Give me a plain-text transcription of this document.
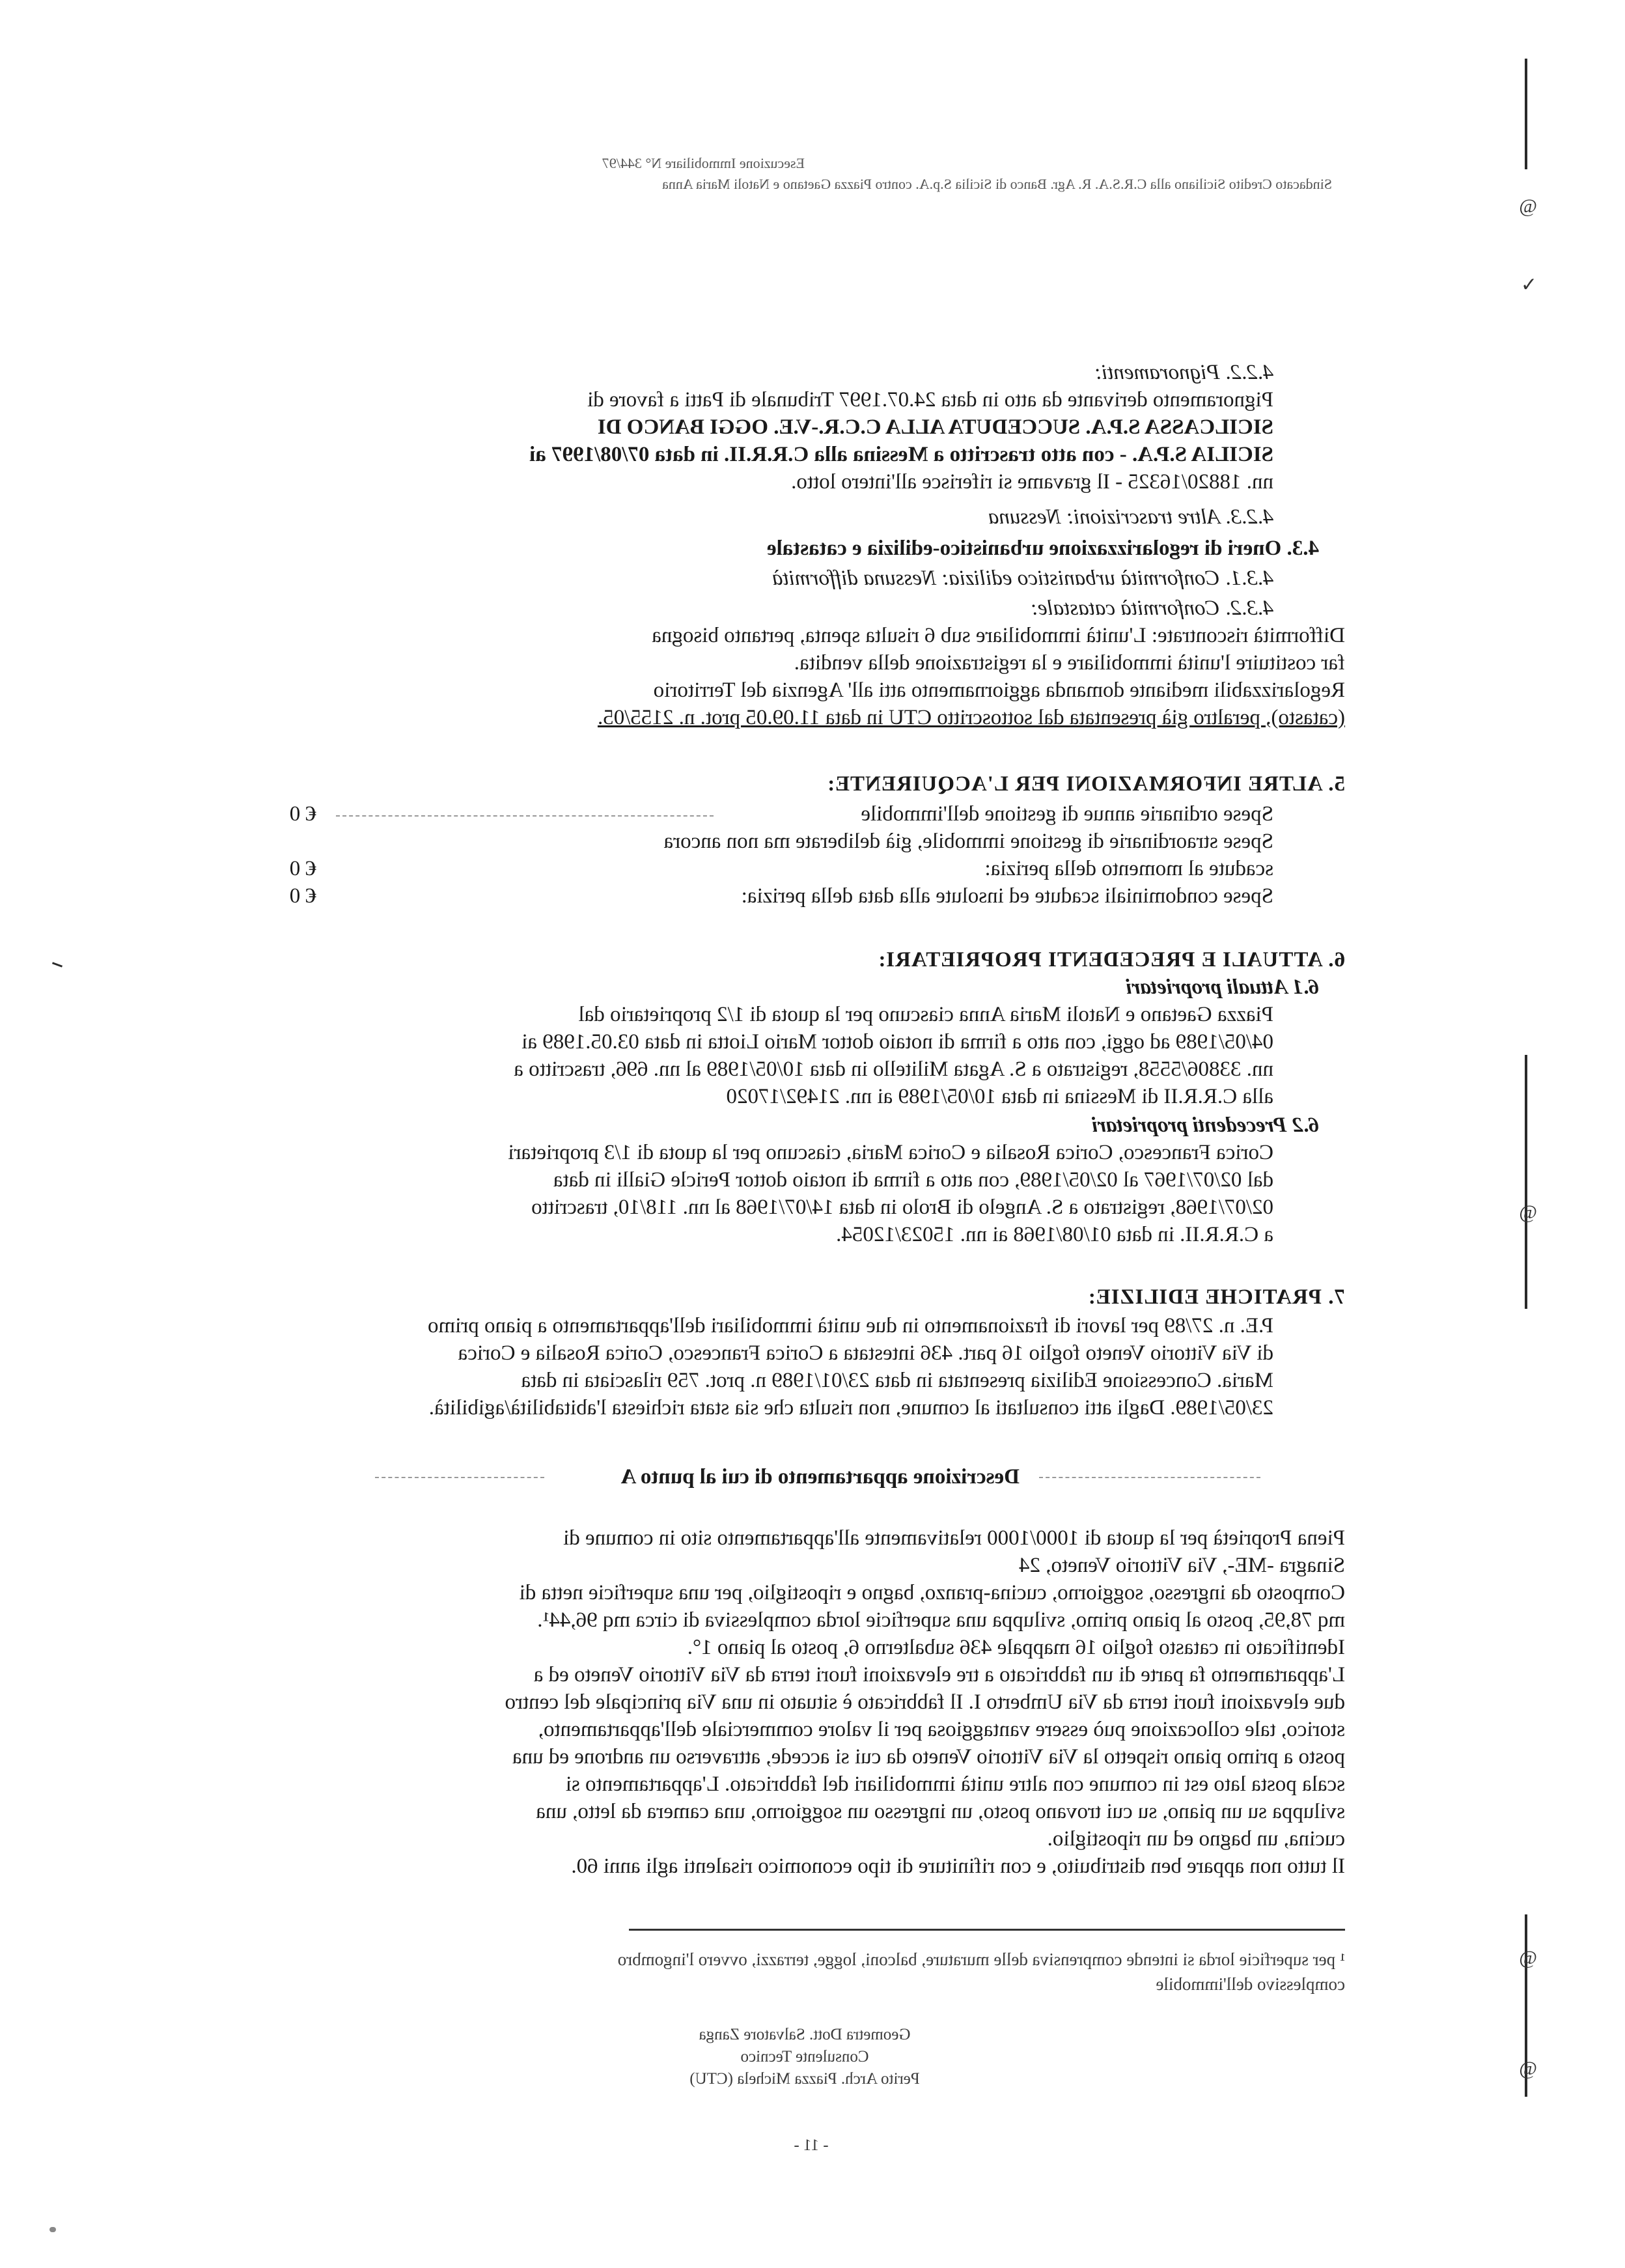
Esecuzione Immobiliare N° 344/97
Sindacato Credito Siciliano alla C.R.S.A. R. Agr. Banco di Sicilia S.p.A. contro Piazza Gaetano e Natoli Maria Anna
@
✓
@
@
@
4.2.2. Pignoramenti:
Pignoramento derivante da atto in data 24.07.1997 Tribunale di Patti a favore di
SICILCASSA S.P.A. SUCCEDUTA ALLA C.C.R.-V.E. OGGI BANCO DI
SICILIA S.P.A. - con atto trascritto a Messina alla C.R.R.II. in data 07/08/1997 ai
nn. 18820/16325 - Il gravame si riferisce all'intero lotto.
4.2.3. Altre trascrizioni: Nessuna
4.3. Oneri di regolarizzazione urbanistico-edilizia e catastale
4.3.1. Conformità urbanistico edilizia: Nessuna difformità
4.3.2. Conformità catastale:
Difformità riscontrate: L'unità immobiliare sub 6 risulta spenta, pertanto bisogna
far costituire l'unità immobiliare e la registrazione della vendita.
Regolarizzabili mediante domanda aggiornamento atti all' Agenzia del Territorio
(catasto), peraltro già presentata dal sottoscritto CTU in data 11.09.05 prot. n. 2155/05.
5. ALTRE INFORMAZIONI PER L'ACQUIRENTE:
Spese ordinarie annue di gestione dell'immobile
€ 0
Spese straordinarie di gestione immobile, già deliberate ma non ancora
scadute al momento della perizia:
€ 0
Spese condominiali scadute ed insolute alla data della perizia:
€ 0
6. ATTUALI E PRECEDENTI PROPRIETARI:
6.1 Attuali proprietari
Piazza Gaetano e Natoli Maria Anna ciascuno per la quota di 1/2 proprietario dal
04/05/1989 ad oggi, con atto a firma di notaio dottor Mario Liotta in data 03.05.1989 ai
nn. 33806/5558, registrato a S. Agata Militello in data 10/05/1989 al nn. 696, trascritto a
alla C.R.R.II di Messina in data 10/05/1989 ai nn. 21492/17020
6.2 Precedenti proprietari
Corica Francesco, Corica Rosalia e Corica Maria, ciascuno per la quota di 1/3 proprietari
dal 02/07/1967 al 02/05/1989, con atto a firma di notaio dottor Pericle Gialli in data
02/07/1968, registrato a S. Angelo di Brolo in data 14/07/1968 al nn. 118/10, trascritto
a C.R.R.II. in data 01/08/1968 ai nn. 15023/12054.
7. PRATICHE EDILIZIE:
P.E. n. 27/89 per lavori di frazionamento in due unità immobiliari dell'appartamento a piano primo
di Via Vittorio Veneto foglio 16 part. 436 intestata a Corica Francesco, Corica Rosalia e Corica
Maria. Concessione Edilizia presentata in data 23/01/1989 n. prot. 759 rilasciata in data
23/05/1989. Dagli atti consultati al comune, non risulta che sia stata richiesta l'abitabilità/agibilità.
Descrizione appartamento di cui al punto A
Piena Proprietà per la quota di 1000/1000 relativamente all'appartamento sito in comune di
Sinagra -ME-, Via Vittorio Veneto, 24
Composto da ingresso, soggiorno, cucina-pranzo, bagno e ripostiglio, per una superficie netta di
mq 78,95, posto al piano primo, sviluppa una superficie lorda complessiva di circa mq 96,44¹.
Identificato in catasto foglio 16 mappale 436 subalterno 6, posto al piano 1°.
L'appartamento fa parte di un fabbricato a tre elevazioni fuori terra da Via Vittorio Veneto ed a
due elevazioni fuori terra da Via Umberto I. Il fabbricato è situato in una Via principale del centro
storico, tale collocazione può essere vantaggiosa per il valore commerciale dell'appartamento,
posto a primo piano rispetto la Via Vittorio Veneto da cui si accede, attraverso un androne ed una
scala posta lato est in comune con altre unità immobiliari del fabbricato. L'appartamento si
sviluppa su un piano, su cui trovano posto, un ingresso un soggiorno, una camera da letto, una
cucina, un bagno ed un ripostiglio.
Il tutto non appare ben distribuito, e con rifiniture di tipo economico risalenti agli anni 60.
¹ per superficie lorda si intende comprensiva delle murature, balconi, logge, terrazzi, ovvero l'ingombro
complessivo dell'immobile
Geometra Dott. Salvatore Zanga
Consulente Tecnico
Perito Arch. Piazza Michela (CTU)
- 11 -
